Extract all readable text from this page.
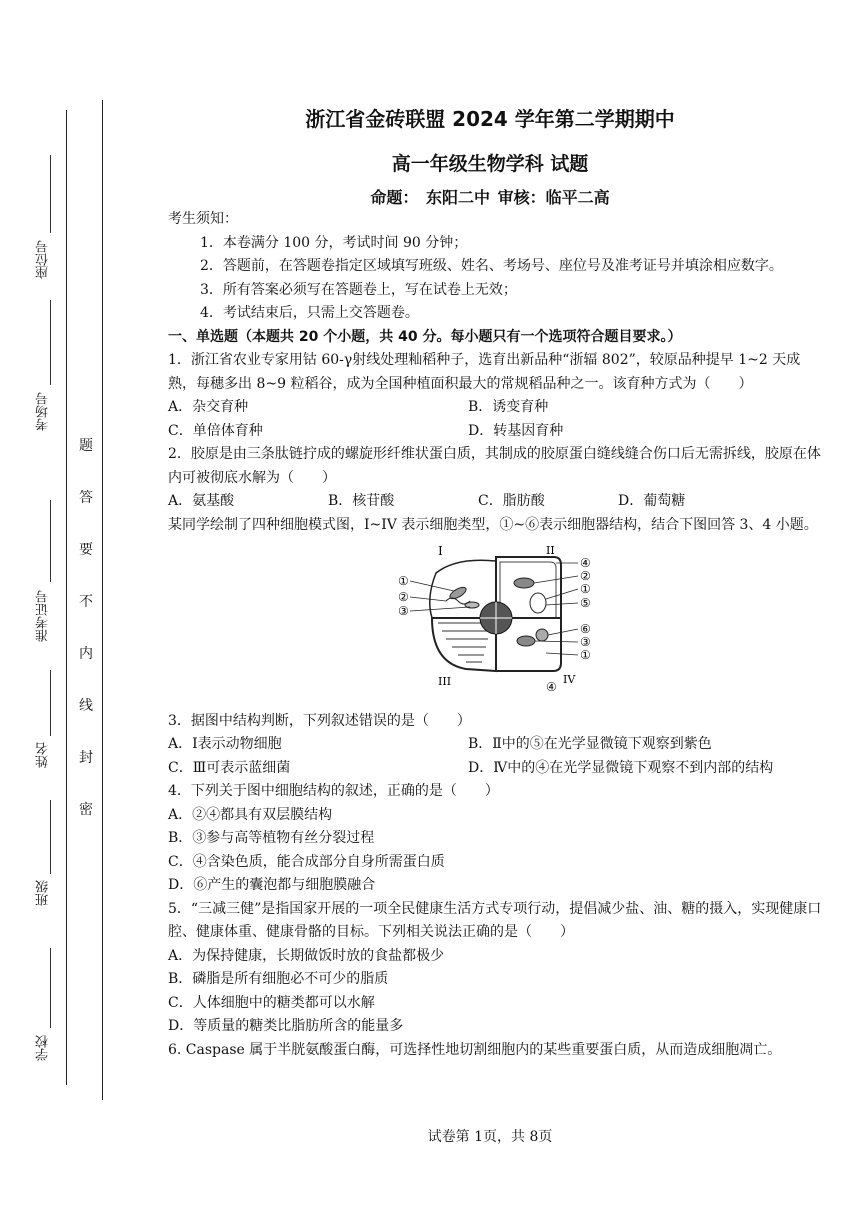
座位号
考场号
准考证号
姓名
班级
学校
题
答
要
不
内
线
封
密
浙江省金砖联盟 2024 学年第二学期期中
高一年级生物学科 试题
命题： 东阳二中 审核：临平二高

考生须知：

1．本卷满分 100 分，考试时间 90 分钟；

2．答题前，在答题卷指定区域填写班级、姓名、考场号、座位号及准考证号并填涂相应数字。

3．所有答案必须写在答题卷上，写在试卷上无效；

4．考试结束后，只需上交答题卷。

一、单选题（本题共 20 个小题，共 40 分。每小题只有一个选项符合题目要求。）

1．浙江省农业专家用钴 60-γ射线处理籼稻种子，选育出新品种“浙辐 802”，较原品种提早 1~2 天成熟，每穗多出 8~9 粒稻谷，成为全国种植面积最大的常规稻品种之一。该育种方式为（　　）

A．杂交育种	B．诱变育种
C．单倍体育种	D．转基因育种

2．胶原是由三条肽链拧成的螺旋形纤维状蛋白质，其制成的胶原蛋白缝线缝合伤口后无需拆线，胶原在体内可被彻底水解为（　　）

A．氨基酸	B．核苷酸	C．脂肪酸	D．葡萄糖

某同学绘制了四种细胞模式图，I~IV 表示细胞类型，①~⑥表示细胞器结构，结合下图回答 3、4 小题。

I	II
III	IV
①
②
③
④
②
①
⑤
⑥
③
①
④

3．据图中结构判断，下列叙述错误的是（　　）

A．Ⅰ表示动物细胞	B．Ⅱ中的⑤在光学显微镜下观察到紫色
C．Ⅲ可表示蓝细菌	D．Ⅳ中的④在光学显微镜下观察不到内部的结构

4．下列关于图中细胞结构的叙述，正确的是（　　）

A．②④都具有双层膜结构

B．③参与高等植物有丝分裂过程

C．④含染色质，能合成部分自身所需蛋白质

D．⑥产生的囊泡都与细胞膜融合

5．“三减三健”是指国家开展的一项全民健康生活方式专项行动，提倡减少盐、油、糖的摄入，实现健康口腔、健康体重、健康骨骼的目标。下列相关说法正确的是（　　）

A．为保持健康，长期做饭时放的食盐都极少

B．磷脂是所有细胞必不可少的脂质

C．人体细胞中的糖类都可以水解

D．等质量的糖类比脂肪所含的能量多

6. Caspase 属于半胱氨酸蛋白酶，可选择性地切割细胞内的某些重要蛋白质，从而造成细胞凋亡。

试卷第 1页，共 8页
